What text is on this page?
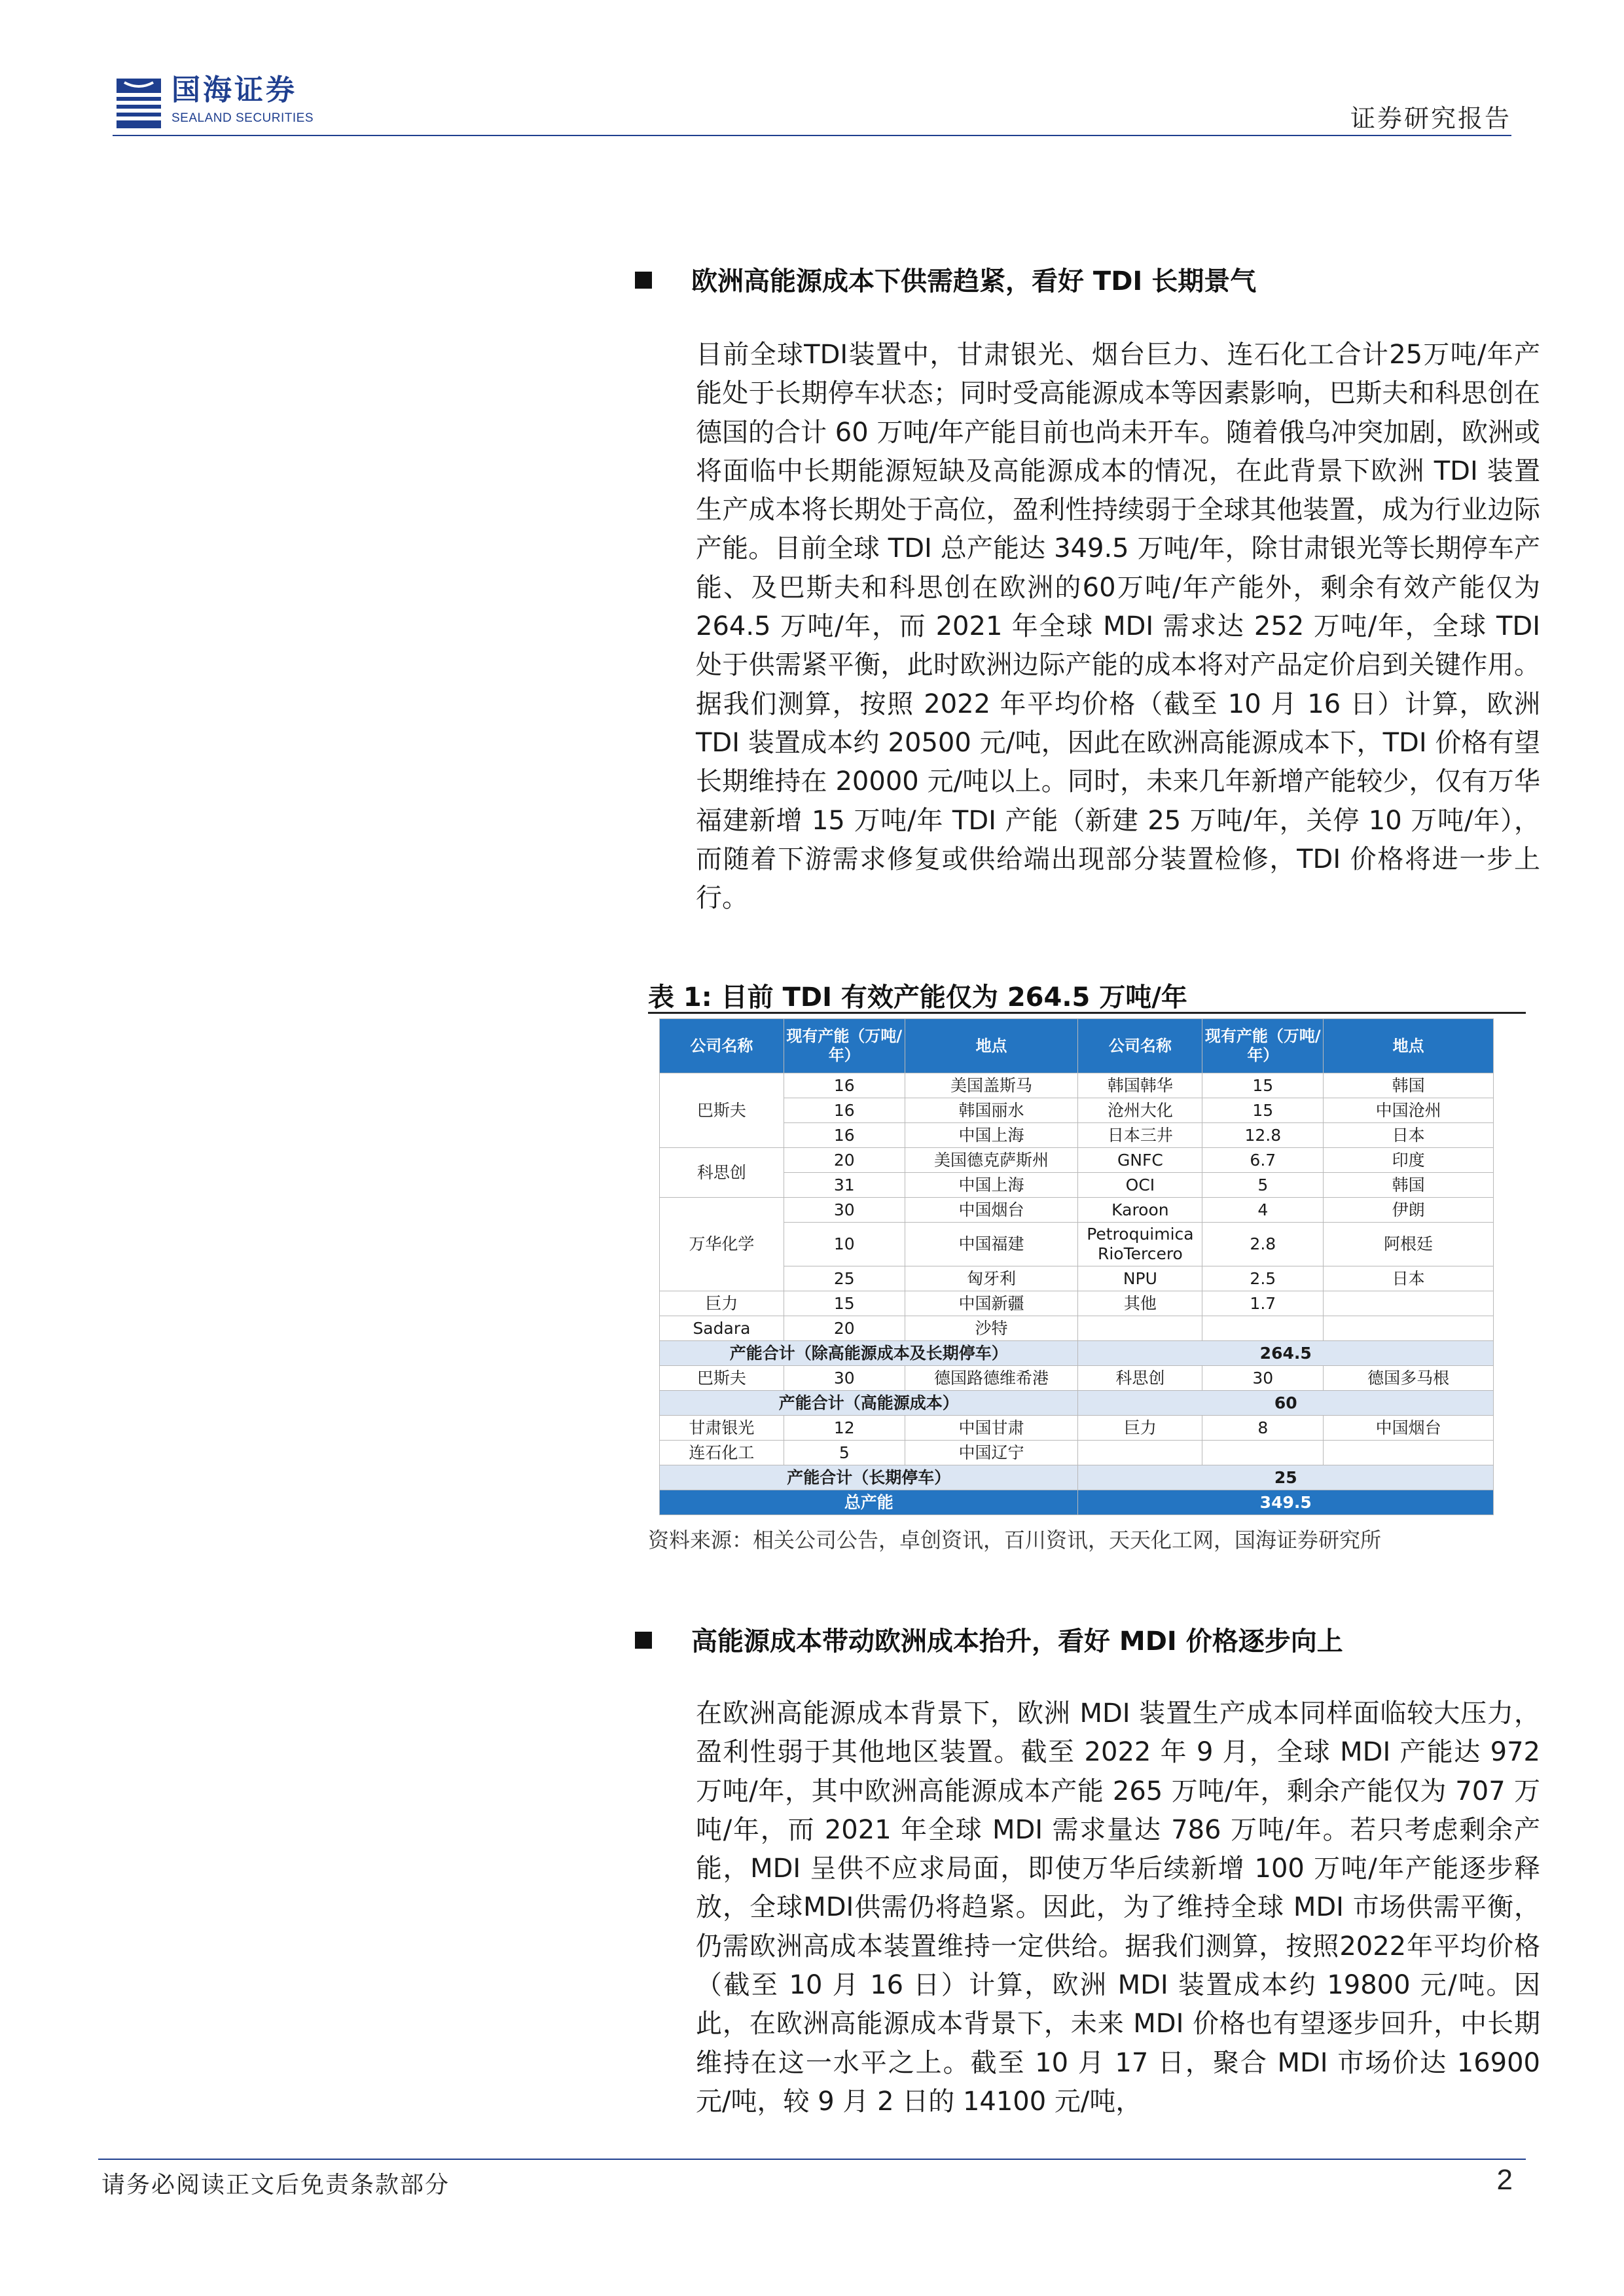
国海证券
SEALAND SECURITIES	证券研究报告
欧洲高能源成本下供需趋紧，看好 TDI 长期景气
目前全球TDI装置中，甘肃银光、烟台巨力、连石化工合计25万吨/年产能处于长期停车状态；同时受高能源成本等因素影响，巴斯夫和科思创在德国的合计 60 万吨/年产能目前也尚未开车。随着俄乌冲突加剧，欧洲或将面临中长期能源短缺及高能源成本的情况，在此背景下欧洲 TDI 装置生产成本将长期处于高位，盈利性持续弱于全球其他装置，成为行业边际产能。目前全球 TDI 总产能达 349.5 万吨/年，除甘肃银光等长期停车产能、及巴斯夫和科思创在欧洲的60万吨/年产能外，剩余有效产能仅为 264.5 万吨/年，而 2021 年全球 MDI 需求达 252 万吨/年，全球 TDI 处于供需紧平衡，此时欧洲边际产能的成本将对产品定价启到关键作用。据我们测算，按照 2022 年平均价格（截至 10 月 16 日）计算，欧洲 TDI 装置成本约 20500 元/吨，因此在欧洲高能源成本下，TDI 价格有望长期维持在 20000 元/吨以上。同时，未来几年新增产能较少，仅有万华福建新增 15 万吨/年 TDI 产能（新建 25 万吨/年，关停 10 万吨/年），而随着下游需求修复或供给端出现部分装置检修，TDI 价格将进一步上行。
表 1: 目前 TDI 有效产能仅为 264.5 万吨/年
公司名称	现有产能（万吨/年）	地点	公司名称	现有产能（万吨/年）	地点
巴斯夫	16	美国盖斯马	韩国韩华	15	韩国
	16	韩国丽水	沧州大化	15	中国沧州
	16	中国上海	日本三井	12.8	日本
科思创	20	美国德克萨斯州	GNFC	6.7	印度
	31	中国上海	OCI	5	韩国
万华化学	30	中国烟台	Karoon	4	伊朗
	10	中国福建	Petroquimica RioTercero	2.8	阿根廷
	25	匈牙利	NPU	2.5	日本
巨力	15	中国新疆	其他	1.7	
Sadara	20	沙特			
产能合计（除高能源成本及长期停车）			264.5		
巴斯夫	30	德国路德维希港	科思创	30	德国多马根
产能合计（高能源成本）			60		
甘肃银光	12	中国甘肃	巨力	8	中国烟台
连石化工	5	中国辽宁			
产能合计（长期停车）			25		
总产能			349.5		
资料来源：相关公司公告，卓创资讯，百川资讯，天天化工网，国海证券研究所
高能源成本带动欧洲成本抬升，看好 MDI 价格逐步向上
在欧洲高能源成本背景下，欧洲 MDI 装置生产成本同样面临较大压力，盈利性弱于其他地区装置。截至 2022 年 9 月，全球 MDI 产能达 972 万吨/年，其中欧洲高能源成本产能 265 万吨/年，剩余产能仅为 707 万吨/年，而 2021 年全球 MDI 需求量达 786 万吨/年。若只考虑剩余产能，MDI 呈供不应求局面，即使万华后续新增 100 万吨/年产能逐步释放，全球MDI供需仍将趋紧。因此，为了维持全球 MDI 市场供需平衡，仍需欧洲高成本装置维持一定供给。据我们测算，按照2022年平均价格（截至 10 月 16 日）计算，欧洲 MDI 装置成本约 19800 元/吨。因此，在欧洲高能源成本背景下，未来 MDI 价格也有望逐步回升，中长期维持在这一水平之上。截至 10 月 17 日，聚合 MDI 市场价达 16900 元/吨，较 9 月 2 日的 14100 元/吨，
请务必阅读正文后免责条款部分	2
